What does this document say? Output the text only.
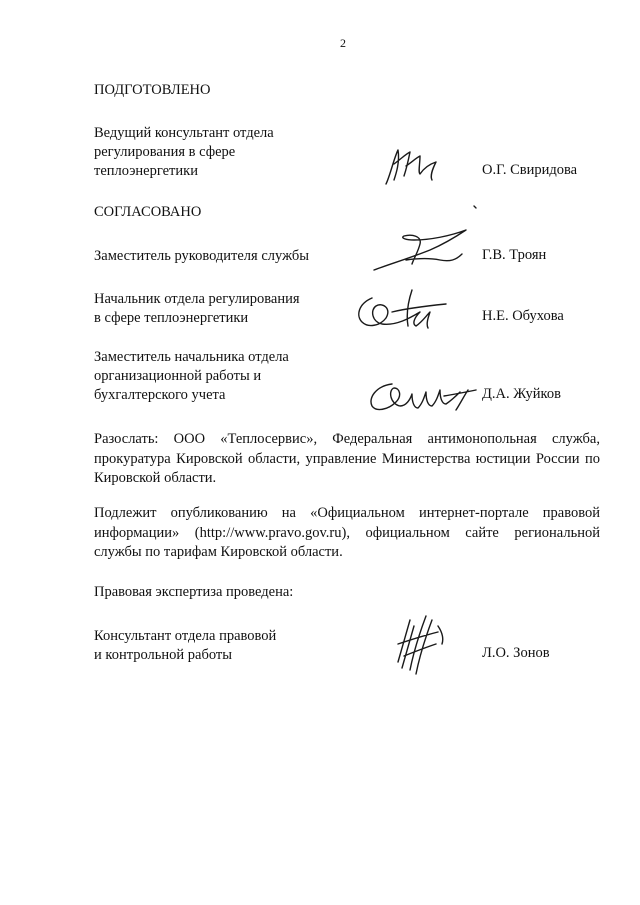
2
ПОДГОТОВЛЕНО
Ведущий консультант отдела
регулирования в сфере
теплоэнергетики	О.Г. Свиридова
СОГЛАСОВАНО
Заместитель руководителя службы	Г.В. Троян
Начальник отдела регулирования
в сфере теплоэнергетики	Н.Е. Обухова
Заместитель начальника отдела
организационной работы и
бухгалтерского учета	Д.А. Жуйков
Разослать: ООО «Теплосервис», Федеральная антимонопольная служба, прокуратура Кировской области, управление Министерства юстиции России по Кировской области.
Подлежит опубликованию на «Официальном интернет-портале правовой информации» (http://www.pravo.gov.ru), официальном сайте региональной службы по тарифам Кировской области.
Правовая экспертиза проведена:
Консультант отдела правовой
и контрольной работы	Л.О. Зонов
